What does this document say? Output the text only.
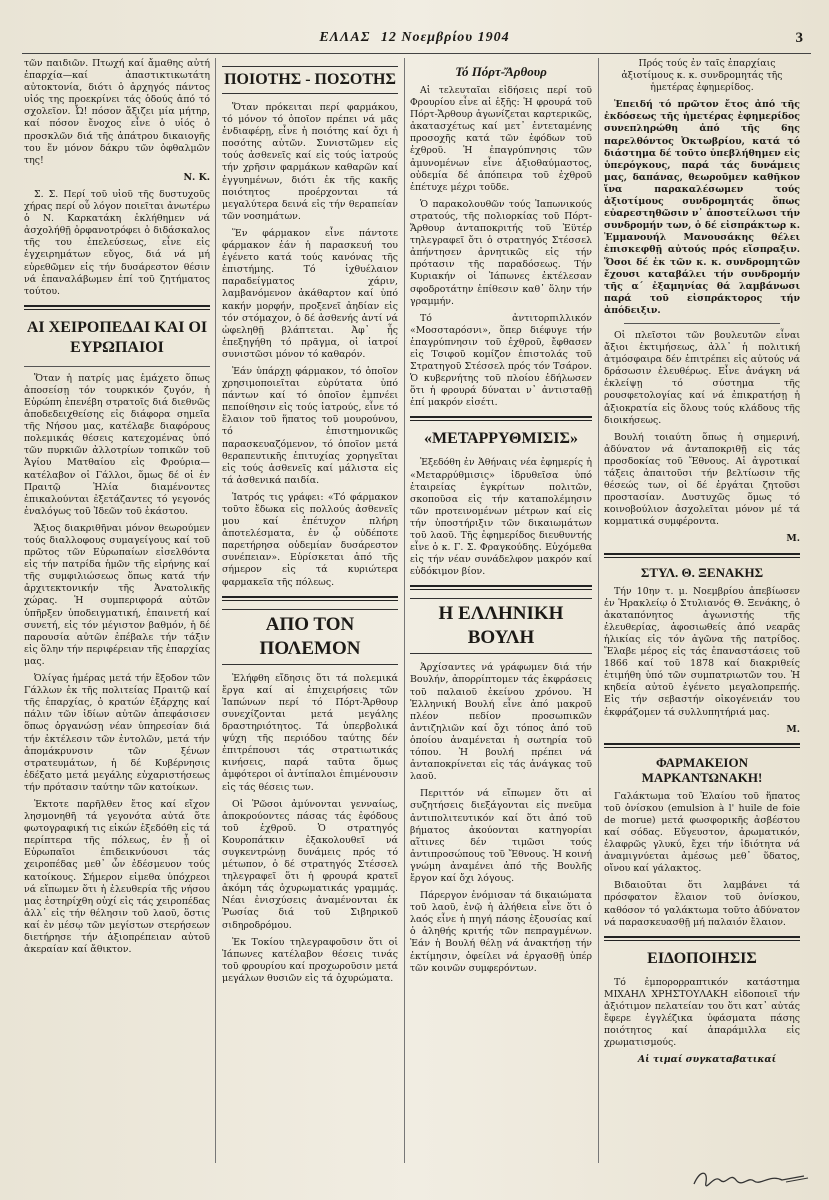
ΕΛΛΑΣ 12 Νοεμβρίου 1904	3

τῶν παιδιῶν. Πτωχή καί ἄμαθης αὐτή ἐπαρχία—καί ἀπαστικτικωτάτη αὐτοκτονία, διότι ὁ ἀρχηγός πάντος υἱός της προεκρίνει τάς ὁδούς ἀπό τό σχολεῖον. Ὦ! πόσον ἄξιζει μία μήτηρ, καί πόσον ἔνοχος εἶνε ὁ υἱός ὁ προσκλῶν διά τῆς ἀπάτρου δικαιογῆς του ἕν μόνον δάκρυ τῶν ὀφθαλμῶν της!

Ν. Κ.

Σ. Σ. Περί τοῦ υἱοῦ τῆς δυστυχοῦς χήρας περί οὗ λόγον ποιεῖται ἀνωτέρω ὁ Ν. Καρκατάκη ἐκλήθημεν νά ἀσχολήθῇ ὀρφανοτρόφει ὁ διδάσκαλος τῆς του ἐπελεύσεως, εἶνε εἰς ἐγχειρημάτων εὔγος, διά νά μή εὐρεθῶμεν εἰς τήν δυσάρεστον θέσιν νά ἐπαναλάβωμεν ἐπί τοῦ ζητήματος τούτου.

ΑΙ ΧΕΙΡΟΠΕΔΑΙ ΚΑΙ ΟΙ ΕΥΡΩΠΑΙΟΙ

Ὅταν ἡ πατρίς μας ἐμάχετο ὅπως ἀποσείσῃ τόν τουρκικόν ζυγόν, ἡ Εὐρώπη ἐπενέβη στρατοῖς διά διεθνῶς ἀποδεδειχθείσης εἰς διάφορα σημεῖα τῆς Νήσου μας, κατέλαβε διαφόρους πολεμικάς θέσεις κατεχομένας ὑπό τῶν πυρκιῶν ἀλλοτρίων τοπικῶν τοῦ Ἁγίου Ματθαίου εἰς Φρούρια—κατέλαβον οἱ Γάλλοι, ὅμως δέ οἱ ἐν Πραιτῷ Ἠλία διαμένοντες ἐπικαλούνται ἐξετάζαντες τό γεγονός ἐναλόγως τοῦ Ἰδεῶν τοῦ ἑκάστου.

Ἄξιος διακριθῆναι μόνον θεωρούμεν τούς διαλλοφους συμαγείγους καί τοῦ πρῶτος τῶν Εὐρωπαίων εἰσελθόντα εἰς τήν πατρίδα ἡμῶν τῆς εἰρήνης καί τῆς συμφιλιώσεως ὅπως κατά τήν ἀρχιτεκτονικήν τῆς Ἀνατολικῆς χώρας. Ἡ συμπεριφορά αὐτῶν ὑπῆρξεν ὑποδειγματική, ἐπαινετή καί συνετή, εἰς τόν μέγιστον βαθμόν, ἡ δέ παρουσία αὐτῶν ἐπέβαλε τήν τάξιν εἰς ὅλην τήν περιφέρειαν τῆς ἐπαρχίας μας.

Ὀλίγας ἡμέρας μετά τήν ἔξοδον τῶν Γάλλων ἐκ τῆς πολιτείας Πραιτῷ καί τῆς ἐπαρχίας, ὁ κρατών ἐξάρχης καί πάλιν τῶν ἰδίων αὐτῶν ἀπεφάσισεν ὅπως ὀργανώσῃ νέαν ὑπηρεσίαν διά τήν ἐκτέλεσιν τῶν ἐντολῶν, μετά τήν ἀπομάκρυνσιν τῶν ξένων στρατευμάτων, ἡ δέ Κυβέρνησις ἐδέξατο μετά μεγάλης εὐχαριστήσεως τήν πρότασιν ταύτην τῶν κατοίκων.

Ἐκτοτε παρῆλθεν ἔτος καί εἴχον λησμονηθῆ τά γεγονότα αὐτά ὅτε φωτογραφική τις εἰκών ἐξεδόθη εἰς τά περίπτερα τῆς πόλεως, ἐν ᾗ οἱ Εὐρωπαῖοι ἐπιδεικνύουσι τάς χειροπέδας μεθ᾽ ὧν ἐδέσμευον τούς κατοίκους. Σήμερον εἰμεθα ὑπόχρεοι νά εἴπωμεν ὅτι ἡ ἐλευθερία τῆς νήσου μας ἐστηρίχθη οὐχί εἰς τάς χειροπέδας ἀλλ᾽ εἰς τήν θέλησιν τοῦ λαοῦ, ὅστις καί ἐν μέσῳ τῶν μεγίστων στερήσεων διετήρησε τήν ἀξιοπρέπειαν αὐτοῦ ἀκεραίαν καί ἄθικτον.

ΠΟΙΟΤΗΣ - ΠΟΣΟΤΗΣ

Ὅταν πρόκειται περί φαρμάκου, τό μόνον τό ὁποῖον πρέπει νά μᾶς ἐνδιαφέρῃ, εἶνε ἡ ποιότης καί ὄχι ἡ ποσότης αὐτῶν. Συνιστῶμεν εἰς τούς ἀσθενεῖς καί εἰς τούς ἰατρούς τήν χρῆσιν φαρμάκων καθαρῶν καί ἐγγυημένων, διότι ἐκ τῆς κακῆς ποιότητος προέρχονται τά μεγαλύτερα δεινά εἰς τήν θεραπείαν τῶν νοσημάτων.

Ἕν φάρμακον εἶνε πάντοτε φάρμακον ἐάν ἡ παρασκευή του ἐγένετο κατά τούς κανόνας τῆς ἐπιστήμης. Τό ἰχθυέλαιον παραδείγματος χάριν, λαμβανόμενον ἀκάθαρτον καί ὑπό κακήν μορφήν, προξενεῖ ἀηδίαν εἰς τόν στόμαχον, ὁ δέ ἀσθενής ἀντί νά ὠφεληθῇ βλάπτεται. Ἀφ᾽ ἧς ἐπεξηγήθη τό πρᾶγμα, οἱ ἰατροί συνιστῶσι μόνον τό καθαρόν.

Ἐάν ὑπάρχῃ φάρμακον, τό ὁποῖον χρησιμοποιεῖται εὐρύτατα ὑπό πάντων καί τό ὁποῖον ἐμπνέει πεποίθησιν εἰς τούς ἰατρούς, εἶνε τό ἔλαιον τοῦ ἥπατος τοῦ μουρούνου, τό ἐπιστημονικῶς παρασκευαζόμενον, τό ὁποῖον μετά θεραπευτικῆς ἐπιτυχίας χορηγεῖται εἰς τούς ἀσθενεῖς καί μάλιστα εἰς τά ἀσθενικά παιδία.

Ἰατρός τις γράφει: «Τό φάρμακον τοῦτο ἔδωκα εἰς πολλούς ἀσθενεῖς μου καί ἐπέτυχον πλήρη ἀποτελέσματα, ἐν ᾧ οὐδέποτε παρετήρησα οὐδεμίαν δυσάρεστον συνέπειαν». Εὑρίσκεται ἀπό τῆς σήμερον εἰς τά κυριώτερα φαρμακεῖα τῆς πόλεως.

ΑΠΟ ΤΟΝ ΠΟΛΕΜΟΝ

Ἐλήφθη εἴδησις ὅτι τά πολεμικά ἔργα καί αἱ ἐπιχειρήσεις τῶν Ἰαπώνων περί τό Πόρτ-Ἄρθουρ συνεχίζονται μετά μεγάλης δραστηριότητος. Τά ὑπερβολικά ψύχη τῆς περιόδου ταύτης δέν ἐπιτρέπουσι τάς στρατιωτικάς κινήσεις, παρά ταῦτα ὅμως ἀμφότεροι οἱ ἀντίπαλοι ἐπιμένουσιν εἰς τάς θέσεις των.

Οἱ Ῥῶσοι ἀμύνονται γενναίως, ἀποκρούοντες πάσας τάς ἐφόδους τοῦ ἐχθροῦ. Ὁ στρατηγός Κουροπάτκιν ἐξακολουθεῖ νά συγκεντρώνῃ δυνάμεις πρός τό μέτωπον, ὁ δέ στρατηγός Στέσσελ τηλεγραφεῖ ὅτι ἡ φρουρά κρατεῖ ἀκόμη τάς ὀχυρωματικάς γραμμάς. Νέαι ἐνισχύσεις ἀναμένονται ἐκ Ῥωσίας διά τοῦ Σιβηρικοῦ σιδηροδρόμου.

Ἐκ Τοκίου τηλεγραφοῦσιν ὅτι οἱ Ἰάπωνες κατέλαβον θέσεις τινάς τοῦ φρουρίου καί προχωροῦσιν μετά μεγάλων θυσιῶν εἰς τά ὀχυρώματα.

Τό Πόρτ-Ἄρθουρ

Αἱ τελευταῖαι εἰδήσεις περί τοῦ Φρουρίου εἶνε αἱ ἑξῆς: Ἡ φρουρά τοῦ Πόρτ-Ἄρθουρ ἀγωνίζεται καρτερικῶς, ἀκατασχέτως καί μετ᾽ ἐντεταμένης προσοχῆς κατά τῶν ἐφόδων τοῦ ἐχθροῦ. Ἡ ἐπαγρύπνησις τῶν ἀμυνομένων εἶνε ἀξιοθαύμαστος, οὐδεμία δέ ἀπόπειρα τοῦ ἐχθροῦ ἐπέτυχε μέχρι τοῦδε.

Ὁ παρακολουθῶν τούς Ἰαπωνικούς στρατούς, τῆς πολιορκίας τοῦ Πόρτ-Ἄρθουρ ἀνταποκριτής τοῦ Ἐϋτέρ τηλεγραφεῖ ὅτι ὁ στρατηγός Στέσσελ ἀπήντησεν ἀρνητικῶς εἰς τήν πρότασιν τῆς παραδόσεως. Τήν Κυριακήν οἱ Ἰάπωνες ἐκτέλεσαν σφοδροτάτην ἐπίθεσιν καθ᾽ ὅλην τήν γραμμήν.

Τό ἀντιτορπιλλικόν «Μοσσταρόσνι», ὅπερ διέφυγε τήν ἐπαγρύπνησιν τοῦ ἐχθροῦ, ἔφθασεν εἰς Τσιφοῦ κομίζον ἐπιστολάς τοῦ Στρατηγοῦ Στέσσελ πρός τόν Τσάρον. Ὁ κυβερνήτης τοῦ πλοίου ἐδήλωσεν ὅτι ἡ φρουρά δύναται ν᾽ ἀντισταθῇ ἐπί μακρόν εἰσέτι.

«ΜΕΤΑΡΡΥΘΜΙΣΙΣ»

Ἐξεδόθη ἐν Ἀθήναις νέα ἐφημερίς ἡ «Μεταρρύθμισις» ἱδρυθεῖσα ὑπό ἑταιρείας ἐγκρίτων πολιτῶν, σκοποῦσα εἰς τήν καταπολέμησιν τῶν προτεινομένων μέτρων καί εἰς τήν ὑποστήριξιν τῶν δικαιωμάτων τοῦ λαοῦ. Τῆς ἐφημερίδος διευθυντής εἶνε ὁ κ. Γ. Σ. Φραγκούδης. Εὐχόμεθα εἰς τήν νέαν συνάδελφον μακρόν καί εὐδόκιμον βίον.

Η ΕΛΛΗΝΙΚΗ ΒΟΥΛΗ

Ἀρχίσαντες νά γράφωμεν διά τήν Βουλήν, ἀπορρίπτομεν τάς ἐκφράσεις τοῦ παλαιοῦ ἐκείνου χρόνου. Ἡ Ἑλληνική Βουλή εἶνε ἀπό μακροῦ πλέον πεδίον προσωπικῶν ἀντιζηλιῶν καί ὄχι τόπος ἀπό τοῦ ὁποίου ἀναμένεται ἡ σωτηρία τοῦ τόπου. Ἡ βουλή πρέπει νά ἀνταποκρίνεται εἰς τάς ἀνάγκας τοῦ λαοῦ.

Περιττόν νά εἴπωμεν ὅτι αἱ συζητήσεις διεξάγονται εἰς πνεῦμα ἀντιπολιτευτικόν καί ὅτι ἀπό τοῦ βήματος ἀκούονται κατηγορίαι αἵτινες δέν τιμῶσι τούς ἀντιπροσώπους τοῦ Ἔθνους. Ἡ κοινή γνώμη ἀναμένει ἀπό τῆς Βουλῆς ἔργον καί ὄχι λόγους.

Πάρεργον ἐνόμισαν τά δικαιώματα τοῦ λαοῦ, ἐνῷ ἡ ἀλήθεια εἶνε ὅτι ὁ λαός εἶνε ἡ πηγή πάσης ἐξουσίας καί ὁ ἀληθής κριτής τῶν πεπραγμένων. Ἐάν ἡ Βουλή θέλῃ νά ἀνακτήσῃ τήν ἐκτίμησιν, ὀφείλει νά ἐργασθῇ ὑπέρ τῶν κοινῶν συμφερόντων.

Πρός τούς ἐν ταῖς ἐπαρχίαις ἀξιοτίμους κ. κ. συνδρομητάς τῆς ἡμετέρας ἐφημερίδος.

Ἐπειδή τό πρῶτον ἔτος ἀπό τῆς ἐκδόσεως τῆς ἡμετέρας ἐφημερίδος συνεπληρώθη ἀπό τῆς 6ης παρελθόντος Ὀκτωβρίου, κατά τό διάστημα δέ τοῦτο ὑπεβλήθημεν εἰς ὑπερόγκους, παρά τάς δυνάμεις μας, δαπάνας, θεωροῦμεν καθῆκον ἵνα παρακαλέσωμεν τούς ἀξιοτίμους συνδρομητάς ὅπως εὐαρεστηθῶσιν ν᾽ ἀποστείλωσι τήν συνδρομήν των, ὁ δέ εἰσπράκτωρ κ. Ἐμμανουήλ Μανουσάκης θέλει ἐπισκεφθῇ αὐτούς πρός εἴσπραξιν. Ὅσοι δέ ἐκ τῶν κ. κ. συνδρομητῶν ἔχουσι καταβάλει τήν συνδρομήν τῆς α΄ ἐξαμηνίας θά λαμβάνωσι παρά τοῦ εἰσπράκτορος τήν ἀπόδειξιν.

Οἱ πλεῖστοι τῶν βουλευτῶν εἶναι ἄξιοι ἐκτιμήσεως, ἀλλ᾽ ἡ πολιτική ἀτμόσφαιρα δέν ἐπιτρέπει εἰς αὐτούς νά δράσωσιν ἐλευθέρως. Εἶνε ἀνάγκη νά ἐκλείψῃ τό σύστημα τῆς ρουσφετολογίας καί νά ἐπικρατήσῃ ἡ ἀξιοκρατία εἰς ὅλους τούς κλάδους τῆς διοικήσεως.

Βουλή τοιαύτη ὅπως ἡ σημερινή, ἀδύνατον νά ἀνταποκριθῇ εἰς τάς προσδοκίας τοῦ Ἔθνους. Αἱ ἀγροτικαί τάξεις ἀπαιτοῦσι τήν βελτίωσιν τῆς θέσεώς των, οἱ δέ ἐργάται ζητοῦσι προστασίαν. Δυστυχῶς ὅμως τό κοινοβούλιον ἀσχολεῖται μόνον μέ τά κομματικά συμφέροντα.

Μ.

ΣΤΥΛ. Θ. ΞΕΝΑΚΗΣ

Τήν 10ην τ. μ. Νοεμβρίου ἀπεβίωσεν ἐν Ἡρακλείῳ ὁ Στυλιανός Θ. Ξενάκης, ὁ ἀκαταπόνητος ἀγωνιστής τῆς ἐλευθερίας, ἀφοσιωθείς ἀπό νεαρᾶς ἡλικίας εἰς τόν ἀγῶνα τῆς πατρίδος. Ἔλαβε μέρος εἰς τάς ἐπαναστάσεις τοῦ 1866 καί τοῦ 1878 καί διακριθείς ἐτιμήθη ὑπό τῶν συμπατριωτῶν του. Ἡ κηδεία αὐτοῦ ἐγένετο μεγαλοπρεπής. Εἰς τήν σεβαστήν οἰκογένειάν του ἐκφράζομεν τά συλλυπητήριά μας.

Μ.

ΦΑΡΜΑΚΕΙΟΝ ΜΑΡΚΑΝΤΩΝΑΚΗ!

Γαλάκτωμα τοῦ Ἐλαίου τοῦ ἥπατος τοῦ ὀνίσκου (emulsion à l' huile de foie de morue) μετά φωσφορικῆς ἀσβέστου καί σόδας. Εὔγευστον, ἀρωματικόν, ἐλαφρῶς γλυκύ, ἔχει τήν ἰδιότητα νά ἀναμιγνύεται ἀμέσως μεθ᾽ ὕδατος, οἴνου καί γάλακτος.

Βιδαιοῦται ὅτι λαμβάνει τά πρόσφατον ἔλαιον τοῦ ὀνίσκου, καθόσον τό γαλάκτωμα τοῦτο ἀδύνατον νά παρασκευασθῇ μή παλαιόν ἔλαιον.

ΕΙΔΟΠΟΙΗΣΙΣ

Τό ἐμπορορραπτικόν κατάστημα ΜΙΧΑΗΛ ΧΡΗΣΤΟΥΛΑΚΗ εἰδοποιεῖ τήν ἀξιότιμον πελατείαν του ὅτι κατ᾽ αὐτάς ἔφερε ἐγγλέζικα ὑφάσματα πάσης ποιότητος καί ἀπαράμιλλα εἰς χρωματισμούς.

Αἱ τιμαί συγκαταβατικαί
